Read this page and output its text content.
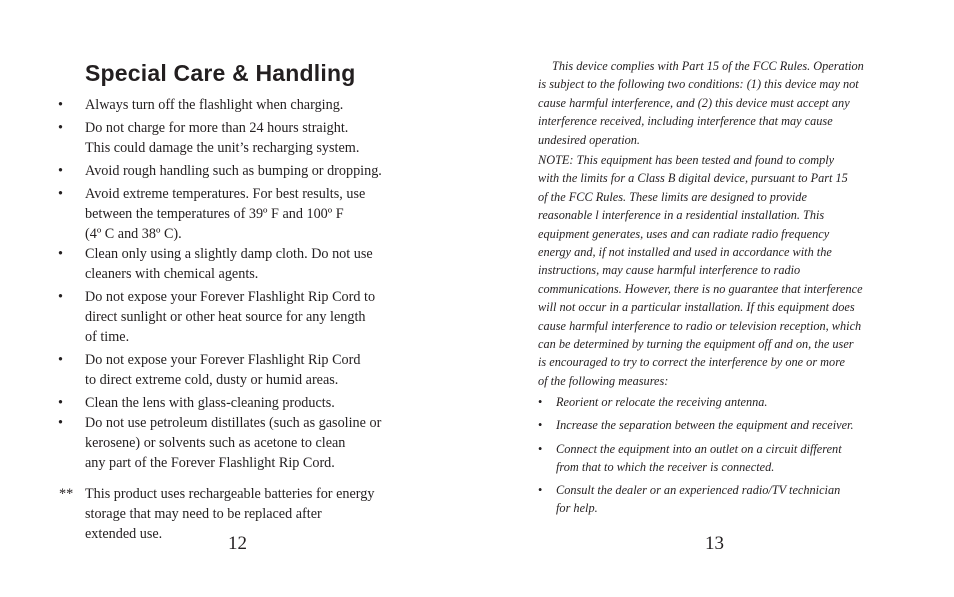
Special Care & Handling
•	Always turn off the flashlight when charging.
•	Do not charge for more than 24 hours straight.
This could damage the unit’s recharging system.
•	Avoid rough handling such as bumping or dropping.
•	Avoid extreme temperatures. For best results, use
between the temperatures of 39º F and 100º F
(4º C and 38º C).
•	Clean only using a slightly damp cloth. Do not use
cleaners with chemical agents.
•	Do not expose your Forever Flashlight Rip Cord to
direct sunlight or other heat source for any length
of time.
•	Do not expose your Forever Flashlight Rip Cord
to direct extreme cold, dusty or humid areas.
•	Clean the lens with glass-cleaning products.
•	Do not use petroleum distillates (such as gasoline or
kerosene) or solvents such as acetone to clean
any part of the Forever Flashlight Rip Cord.
** This product uses rechargeable batteries for energy
storage that may need to be replaced after
extended use.	12
This device complies with Part 15 of the FCC Rules. Operation
is subject to the following two conditions: (1) this device may not
cause harmful interference, and (2) this device must accept any
interference received, including interference that may cause
undesired operation.
NOTE: This equipment has been tested and found to comply
with the limits for a Class B digital device, pursuant to Part 15
of the FCC Rules. These limits are designed to provide
reasonable l interference in a residential installation. This
equipment generates, uses and can radiate radio frequency
energy and, if not installed and used in accordance with the
instructions, may cause harmful interference to radio
communications. However, there is no guarantee that interference
will not occur in a particular installation. If this equipment does
cause harmful interference to radio or television reception, which
can be determined by turning the equipment off and on, the user
is encouraged to try to correct the interference by one or more
of the following measures:
• Reorient or relocate the receiving antenna.
• Increase the separation between the equipment and receiver.
• Connect the equipment into an outlet on a circuit different
from that to which the receiver is connected.
• Consult the dealer or an experienced radio/TV technician
for help.
13
